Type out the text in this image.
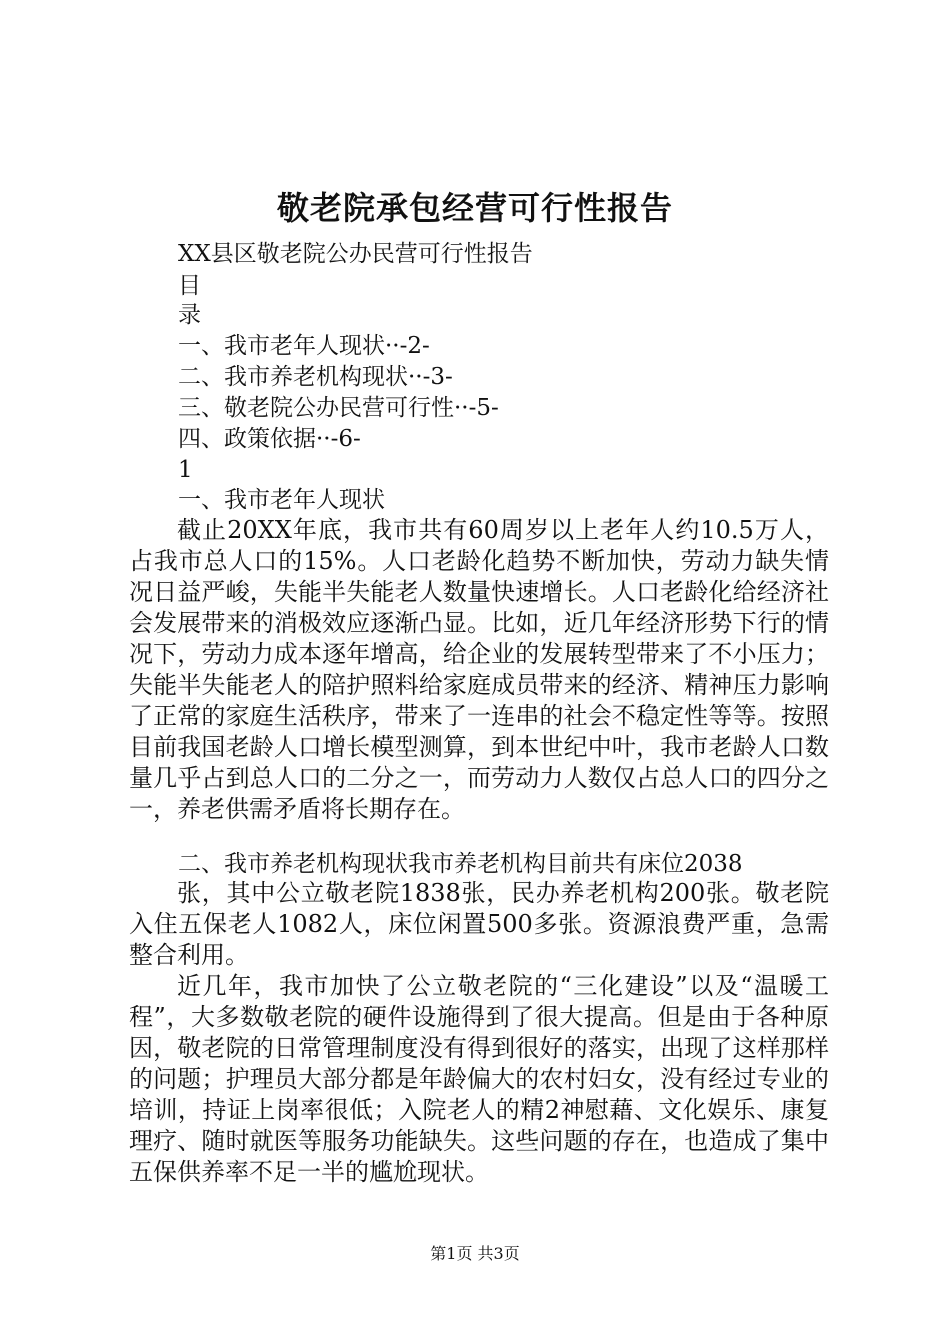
敬老院承包经营可行性报告

XX县区敬老院公办民营可行性报告

目

录

一、我市老年人现状··-2-

二、我市养老机构现状··-3-

三、敬老院公办民营可行性··-5-

四、政策依据··-6-

1

一、我市老年人现状

截止20XX年底，我市共有60周岁以上老年人约10.5万人，占我市总人口的15%。人口老龄化趋势不断加快，劳动力缺失情况日益严峻，失能半失能老人数量快速增长。人口老龄化给经济社会发展带来的消极效应逐渐凸显。比如，近几年经济形势下行的情况下，劳动力成本逐年增高，给企业的发展转型带来了不小压力；失能半失能老人的陪护照料给家庭成员带来的经济、精神压力影响了正常的家庭生活秩序，带来了一连串的社会不稳定性等等。按照目前我国老龄人口增长模型测算，到本世纪中叶，我市老龄人口数量几乎占到总人口的二分之一，而劳动力人数仅占总人口的四分之一，养老供需矛盾将长期存在。

二、我市养老机构现状我市养老机构目前共有床位2038

张，其中公立敬老院1838张，民办养老机构200张。敬老院入住五保老人1082人，床位闲置500多张。资源浪费严重，急需整合利用。

近几年，我市加快了公立敬老院的“三化建设”以及“温暖工程”，大多数敬老院的硬件设施得到了很大提高。但是由于各种原因，敬老院的日常管理制度没有得到很好的落实，出现了这样那样的问题；护理员大部分都是年龄偏大的农村妇女，没有经过专业的培训，持证上岗率很低；入院老人的精2神慰藉、文化娱乐、康复理疗、随时就医等服务功能缺失。这些问题的存在，也造成了集中五保供养率不足一半的尴尬现状。

第1页 共3页
